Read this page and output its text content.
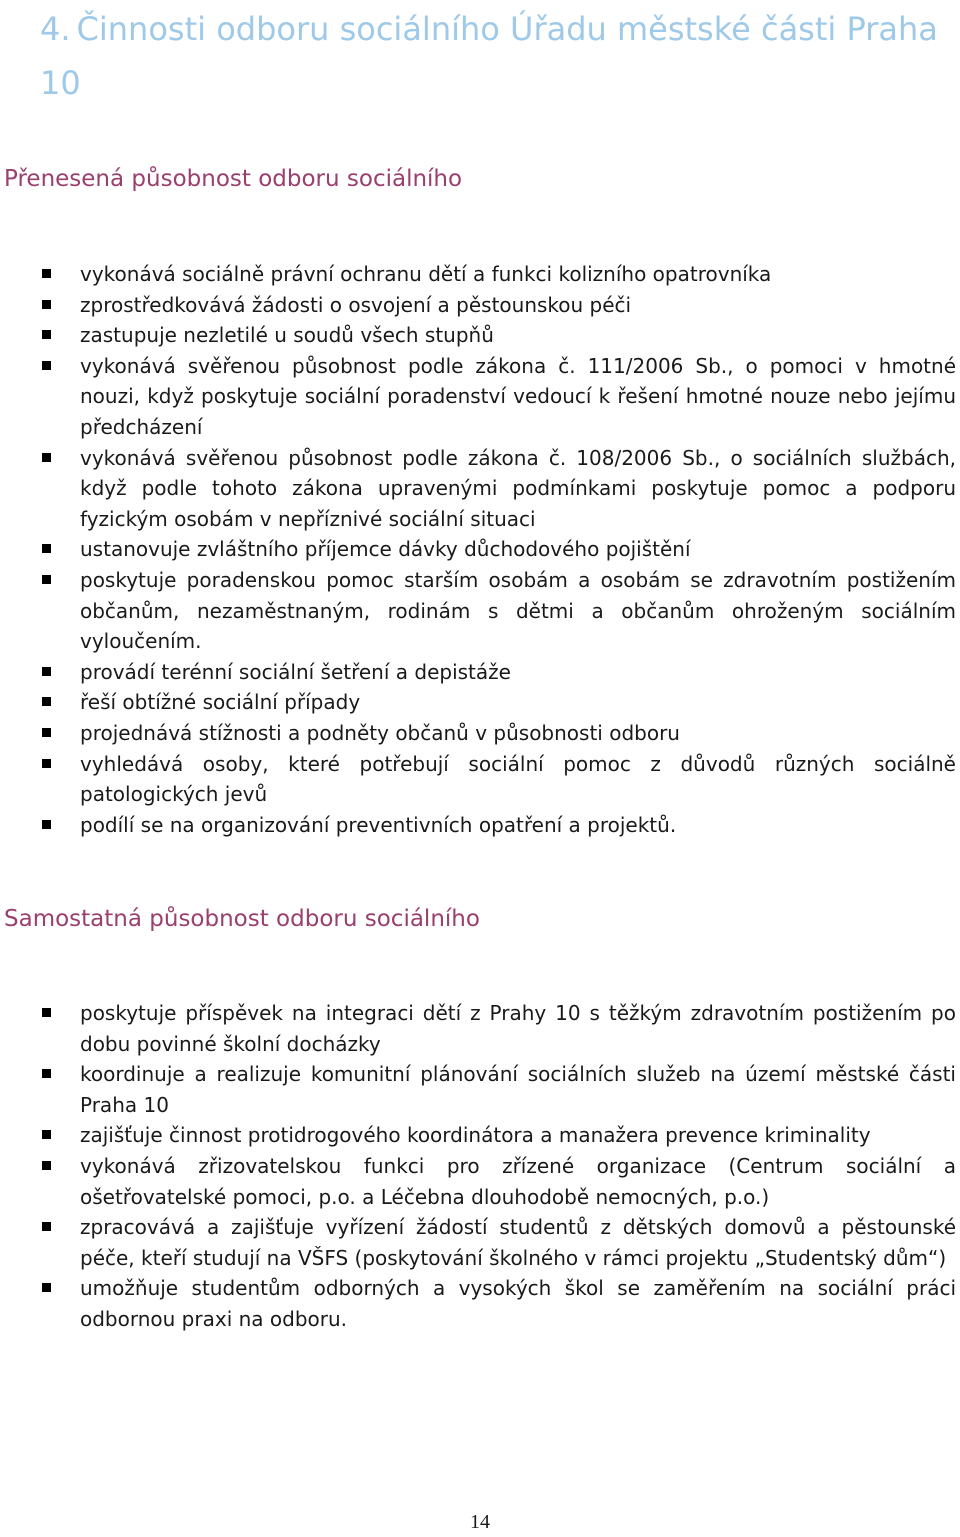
4. Činnosti odboru sociálního Úřadu městské části Praha 10
Přenesená působnost odboru sociálního
vykonává sociálně právní ochranu dětí a funkci kolizního opatrovníka
zprostředkovává žádosti o osvojení a pěstounskou péči
zastupuje nezletilé u soudů všech stupňů
vykonává svěřenou působnost podle zákona č. 111/2006 Sb., o pomoci v hmotné nouzi, když poskytuje sociální poradenství vedoucí k řešení hmotné nouze nebo jejímu předcházení
vykonává svěřenou působnost podle zákona č. 108/2006 Sb., o sociálních službách, když podle tohoto zákona upravenými podmínkami poskytuje pomoc a podporu fyzickým osobám v nepříznivé sociální situaci
ustanovuje zvláštního příjemce dávky důchodového pojištění
poskytuje poradenskou pomoc starším osobám a osobám se zdravotním postižením občanům, nezaměstnaným, rodinám s dětmi a občanům ohroženým sociálním vyloučením.
provádí terénní sociální šetření a depistáže
řeší obtížné sociální případy
projednává stížnosti a podněty občanů v působnosti odboru
vyhledává osoby, které potřebují sociální pomoc z důvodů různých sociálně patologických jevů
podílí se na organizování preventivních opatření a projektů.
Samostatná působnost odboru sociálního
poskytuje příspěvek na integraci dětí z Prahy 10 s těžkým zdravotním postižením po dobu povinné školní docházky
koordinuje a realizuje komunitní plánování sociálních služeb na území městské části Praha 10
zajišťuje činnost protidrogového koordinátora a manažera prevence kriminality
vykonává zřizovatelskou funkci pro zřízené organizace (Centrum sociální a ošetřovatelské pomoci, p.o. a Léčebna dlouhodobě nemocných, p.o.)
zpracovává a zajišťuje vyřízení žádostí studentů z dětských domovů a pěstounské péče, kteří studují na VŠFS (poskytování školného v rámci projektu „Studentský dům“)
umožňuje studentům odborných a vysokých škol se zaměřením na sociální práci odbornou praxi na odboru.
14
